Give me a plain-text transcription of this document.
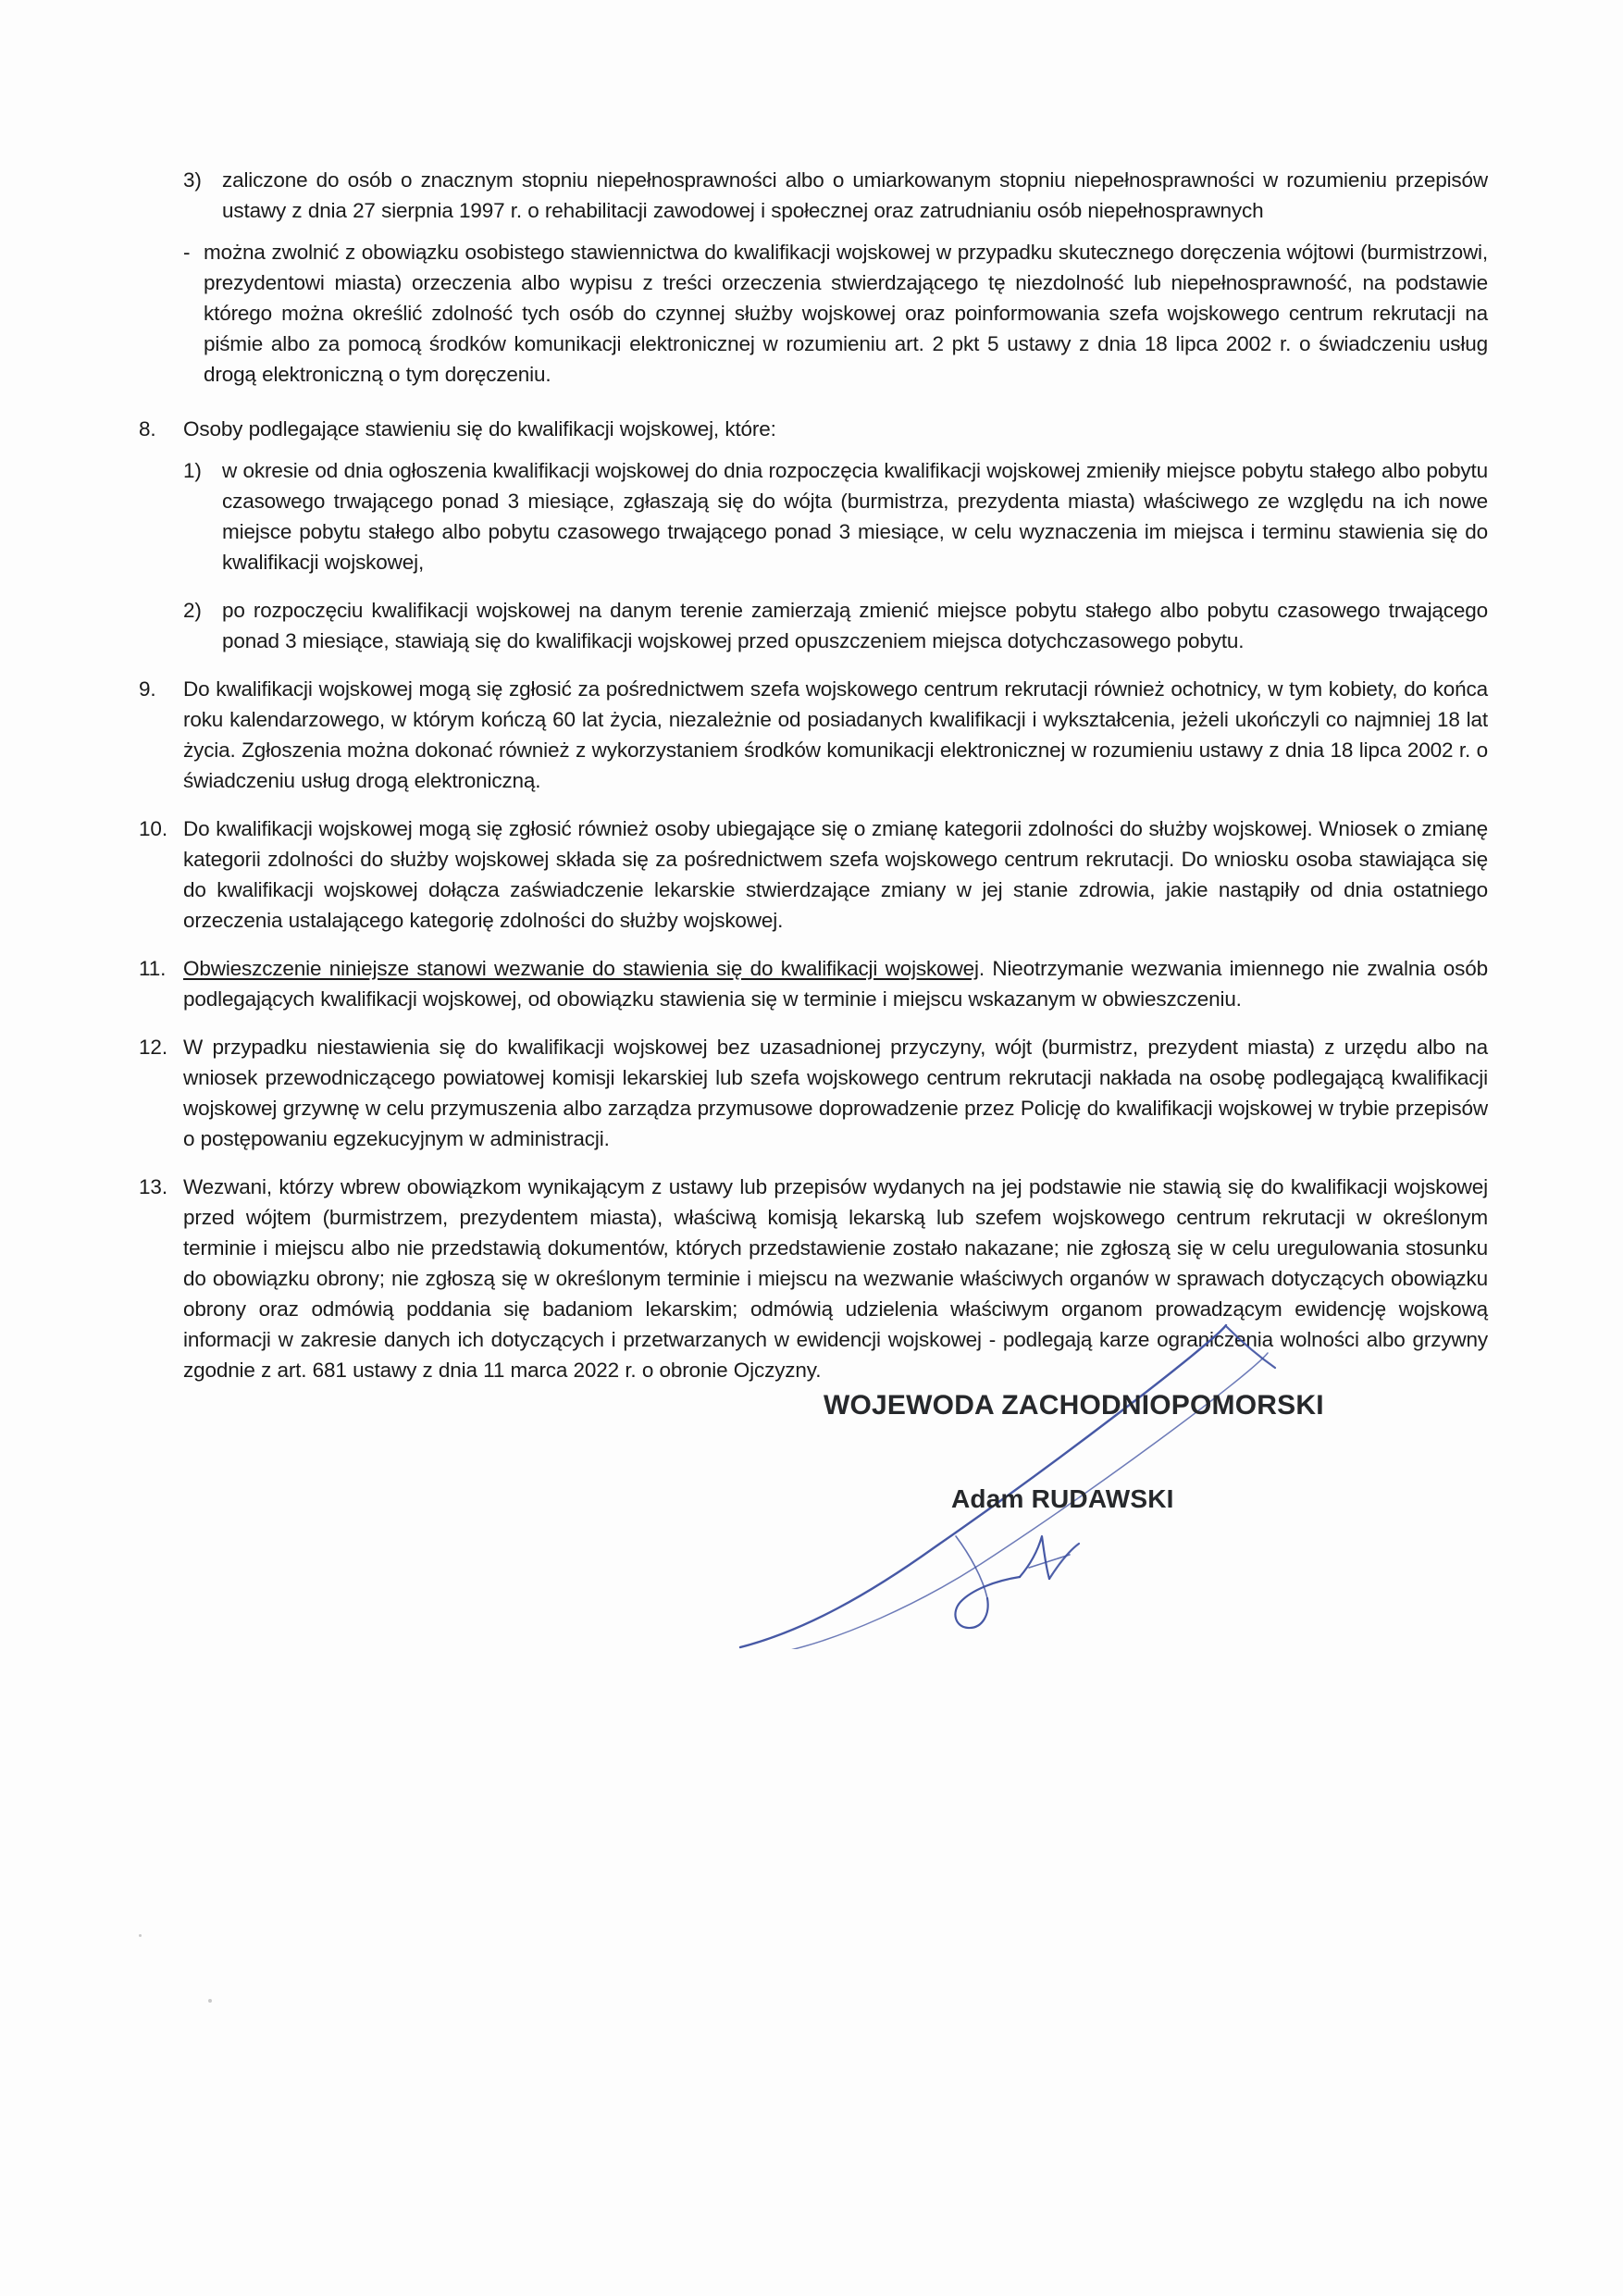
3) zaliczone do osób o znacznym stopniu niepełnosprawności albo o umiarkowanym stopniu niepełnosprawności w rozumieniu przepisów ustawy z dnia 27 sierpnia 1997 r. o rehabilitacji zawodowej i społecznej oraz zatrudnianiu osób niepełnosprawnych
- można zwolnić z obowiązku osobistego stawiennictwa do kwalifikacji wojskowej w przypadku skutecznego doręczenia wójtowi (burmistrzowi, prezydentowi miasta) orzeczenia albo wypisu z treści orzeczenia stwierdzającego tę niezdolność lub niepełnosprawność, na podstawie którego można określić zdolność tych osób do czynnej służby wojskowej oraz poinformowania szefa wojskowego centrum rekrutacji na piśmie albo za pomocą środków komunikacji elektronicznej w rozumieniu art. 2 pkt 5 ustawy z dnia 18 lipca 2002 r. o świadczeniu usług drogą elektroniczną o tym doręczeniu.
8.	Osoby podlegające stawieniu się do kwalifikacji wojskowej, które:
1) w okresie od dnia ogłoszenia kwalifikacji wojskowej do dnia rozpoczęcia kwalifikacji wojskowej zmieniły miejsce pobytu stałego albo pobytu czasowego trwającego ponad 3 miesiące, zgłaszają się do wójta (burmistrza, prezydenta miasta) właściwego ze względu na ich nowe miejsce pobytu stałego albo pobytu czasowego trwającego ponad 3 miesiące, w celu wyznaczenia im miejsca i terminu stawienia się do kwalifikacji wojskowej,
2) po rozpoczęciu kwalifikacji wojskowej na danym terenie zamierzają zmienić miejsce pobytu stałego albo pobytu czasowego trwającego ponad 3 miesiące, stawiają się do kwalifikacji wojskowej przed opuszczeniem miejsca dotychczasowego pobytu.
9.	Do kwalifikacji wojskowej mogą się zgłosić za pośrednictwem szefa wojskowego centrum rekrutacji również ochotnicy, w tym kobiety, do końca roku kalendarzowego, w którym kończą 60 lat życia, niezależnie od posiadanych kwalifikacji i wykształcenia, jeżeli ukończyli co najmniej 18 lat życia. Zgłoszenia można dokonać również z wykorzystaniem środków komunikacji elektronicznej w rozumieniu ustawy z dnia 18 lipca 2002 r. o świadczeniu usług drogą elektroniczną.
10. Do kwalifikacji wojskowej mogą się zgłosić również osoby ubiegające się o zmianę kategorii zdolności do służby wojskowej. Wniosek o zmianę kategorii zdolności do służby wojskowej składa się za pośrednictwem szefa wojskowego centrum rekrutacji. Do wniosku osoba stawiająca się do kwalifikacji wojskowej dołącza zaświadczenie lekarskie stwierdzające zmiany w jej stanie zdrowia, jakie nastąpiły od dnia ostatniego orzeczenia ustalającego kategorię zdolności do służby wojskowej.
11. Obwieszczenie niniejsze stanowi wezwanie do stawienia się do kwalifikacji wojskowej. Nieotrzymanie wezwania imiennego nie zwalnia osób podlegających kwalifikacji wojskowej, od obowiązku stawienia się w terminie i miejscu wskazanym w obwieszczeniu.
12. W przypadku niestawienia się do kwalifikacji wojskowej bez uzasadnionej przyczyny, wójt (burmistrz, prezydent miasta) z urzędu albo na wniosek przewodniczącego powiatowej komisji lekarskiej lub szefa wojskowego centrum rekrutacji nakłada na osobę podlegającą kwalifikacji wojskowej grzywnę w celu przymuszenia albo zarządza przymusowe doprowadzenie przez Policję do kwalifikacji wojskowej w trybie przepisów o postępowaniu egzekucyjnym w administracji.
13. Wezwani, którzy wbrew obowiązkom wynikającym z ustawy lub przepisów wydanych na jej podstawie nie stawią się do kwalifikacji wojskowej przed wójtem (burmistrzem, prezydentem miasta), właściwą komisją lekarską lub szefem wojskowego centrum rekrutacji w określonym terminie i miejscu albo nie przedstawią dokumentów, których przedstawienie zostało nakazane; nie zgłoszą się w celu uregulowania stosunku do obowiązku obrony; nie zgłoszą się w określonym terminie i miejscu na wezwanie właściwych organów w sprawach dotyczących obowiązku obrony oraz odmówią poddania się badaniom lekarskim; odmówią udzielenia właściwym organom prowadzącym ewidencję wojskową informacji w zakresie danych ich dotyczących i przetwarzanych w ewidencji wojskowej - podlegają karze ograniczenia wolności albo grzywny zgodnie z art. 681 ustawy z dnia 11 marca 2022 r. o obronie Ojczyzny.
WOJEWODA ZACHODNIOPOMORSKI
Adam RUDAWSKI
